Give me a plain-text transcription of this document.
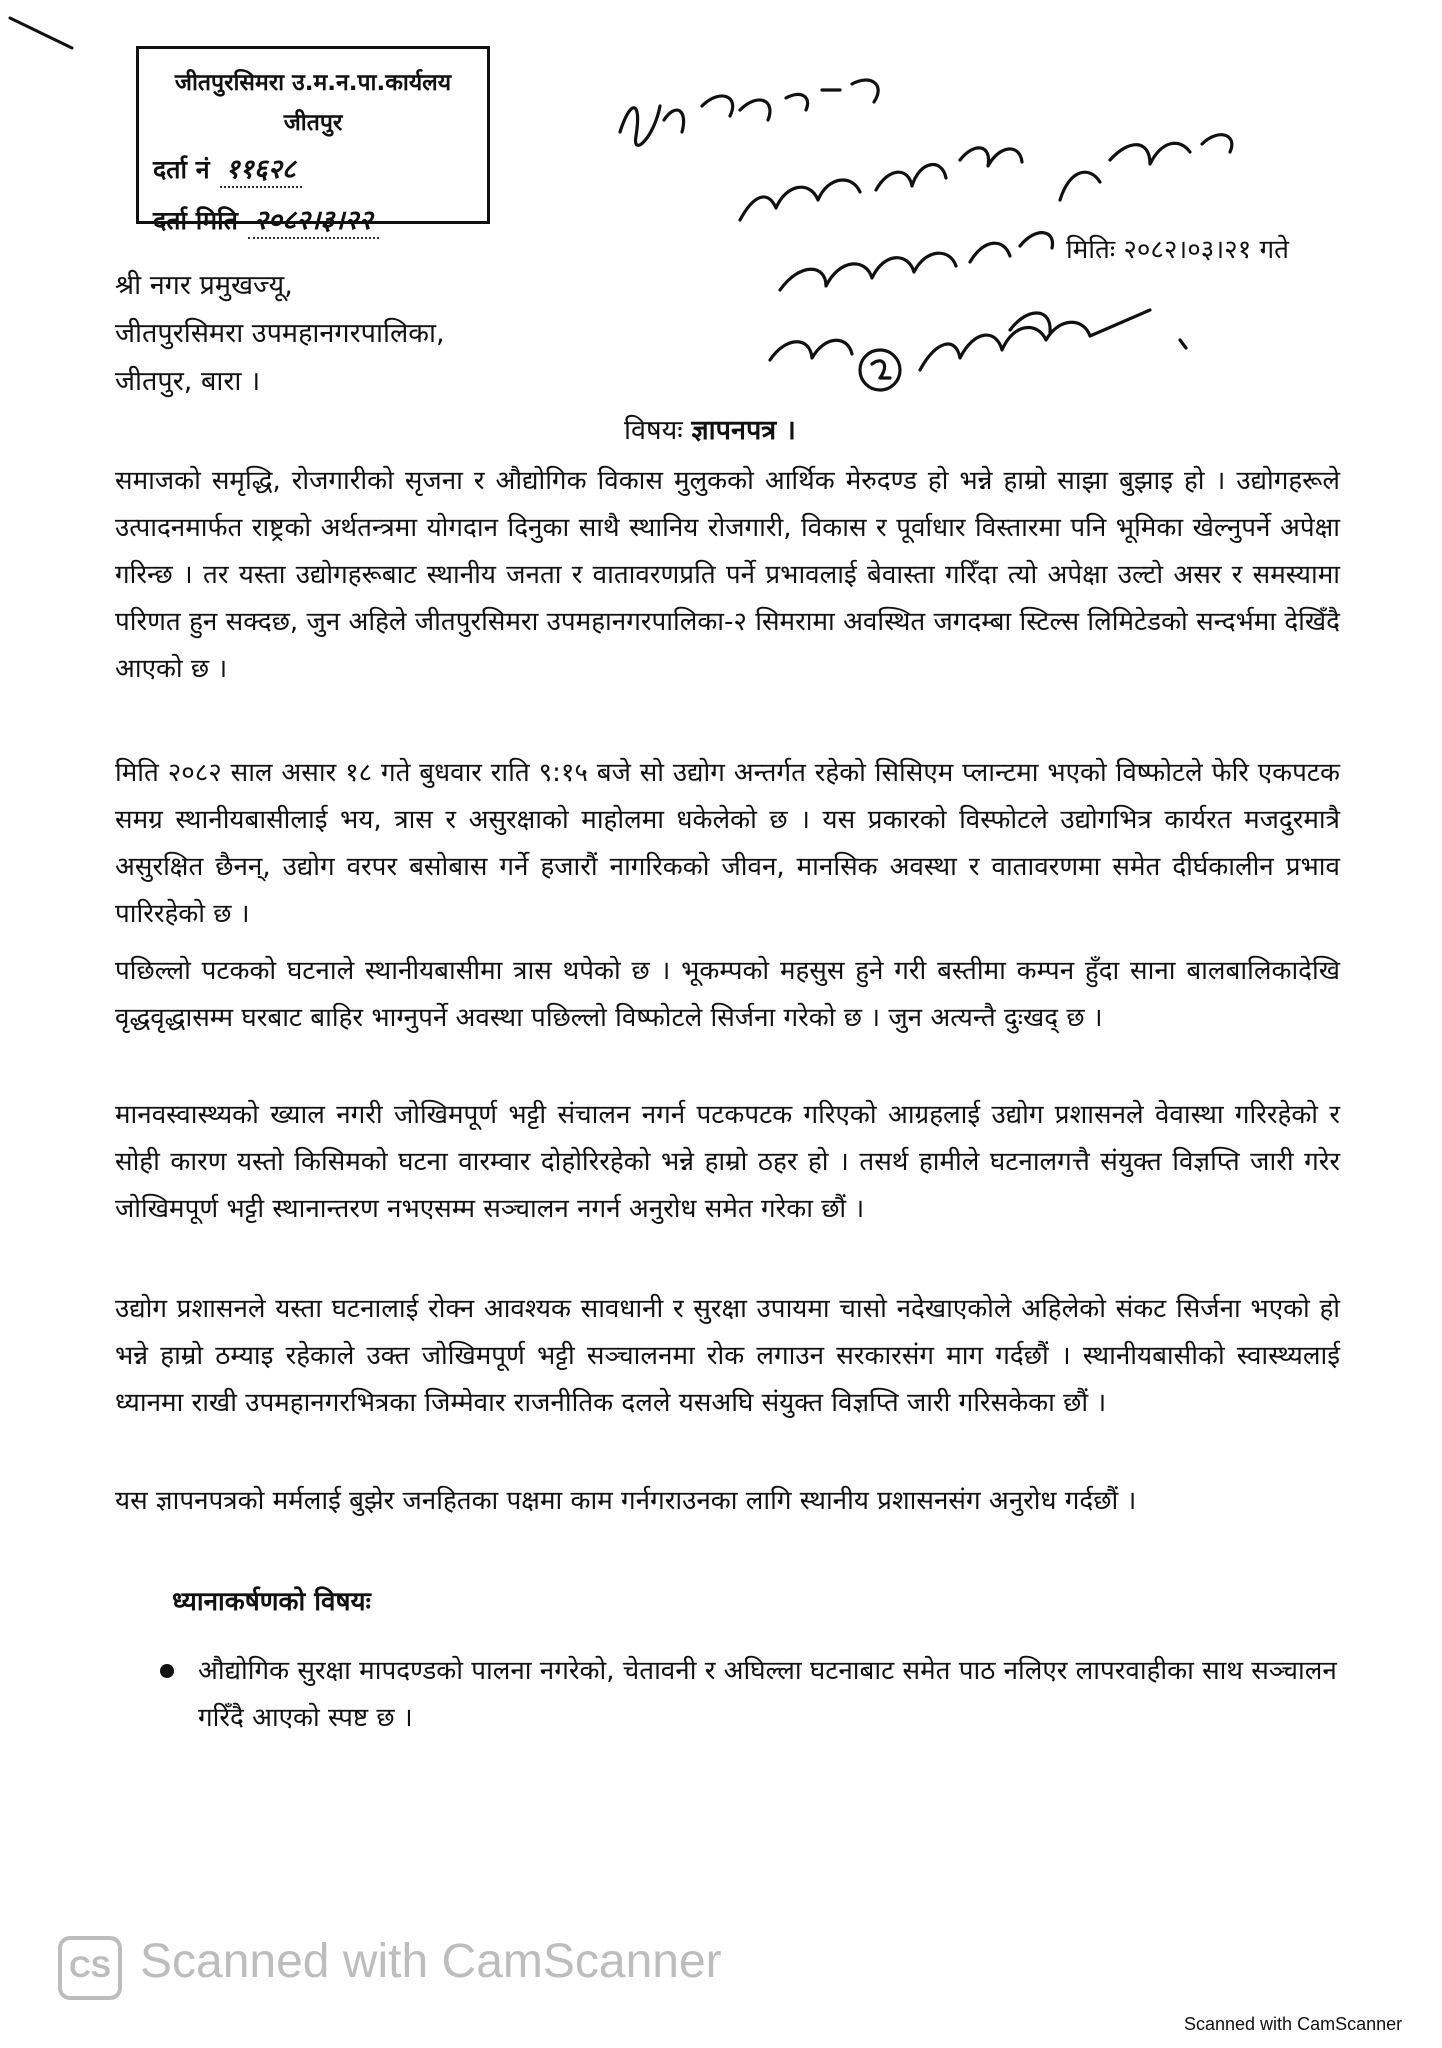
जीतपुरसिमरा उ.म.न.पा.कार्यलय
जीतपुर
दर्ता नं ११६२८
दर्ता मिति २०८२।३।२२
मितिः २०८२।०३।२१ गते
श्री नगर प्रमुखज्यू,
जीतपुरसिमरा उपमहानगरपालिका,
जीतपुर, बारा ।
विषयः ज्ञापनपत्र ।
समाजको समृद्धि, रोजगारीको सृजना र औद्योगिक विकास मुलुकको आर्थिक मेरुदण्ड हो भन्ने हाम्रो साझा बुझाइ हो । उद्योगहरूले उत्पादनमार्फत राष्ट्रको अर्थतन्त्रमा योगदान दिनुका साथै स्थानिय रोजगारी, विकास र पूर्वाधार विस्तारमा पनि भूमिका खेल्नुपर्ने अपेक्षा गरिन्छ । तर यस्ता उद्योगहरूबाट स्थानीय जनता र वातावरणप्रति पर्ने प्रभावलाई बेवास्ता गरिँदा त्यो अपेक्षा उल्टो असर र समस्यामा परिणत हुन सक्दछ, जुन अहिले जीतपुरसिमरा उपमहानगरपालिका-२ सिमरामा अवस्थित जगदम्बा स्टिल्स लिमिटेडको सन्दर्भमा देखिँदै आएको छ ।
मिति २०८२ साल असार १८ गते बुधवार राति ९:१५ बजे सो उद्योग अन्तर्गत रहेको सिसिएम प्लान्टमा भएको विष्फोटले फेरि एकपटक समग्र स्थानीयबासीलाई भय, त्रास र असुरक्षाको माहोलमा धकेलेको छ । यस प्रकारको विस्फोटले उद्योगभित्र कार्यरत मजदुरमात्रै असुरक्षित छैनन्, उद्योग वरपर बसोबास गर्ने हजारौं नागरिकको जीवन, मानसिक अवस्था र वातावरणमा समेत दीर्घकालीन प्रभाव पारिरहेको छ ।
पछिल्लो पटकको घटनाले स्थानीयबासीमा त्रास थपेको छ । भूकम्पको महसुस हुने गरी बस्तीमा कम्पन हुँदा साना बालबालिकादेखि वृद्धवृद्धासम्म घरबाट बाहिर भाग्नुपर्ने अवस्था पछिल्लो विष्फोटले सिर्जना गरेको छ । जुन अत्यन्तै दुःखद् छ ।
मानवस्वास्थ्यको ख्याल नगरी जोखिमपूर्ण भट्टी संचालन नगर्न पटकपटक गरिएको आग्रहलाई उद्योग प्रशासनले वेवास्था गरिरहेको र सोही कारण यस्तो किसिमको घटना वारम्वार दोहोरिरहेको भन्ने हाम्रो ठहर हो । तसर्थ हामीले घटनालगत्तै संयुक्त विज्ञप्ति जारी गरेर जोखिमपूर्ण भट्टी स्थानान्तरण नभएसम्म सञ्चालन नगर्न अनुरोध समेत गरेका छौं ।
उद्योग प्रशासनले यस्ता घटनालाई रोक्न आवश्यक सावधानी र सुरक्षा उपायमा चासो नदेखाएकोले अहिलेको संकट सिर्जना भएको हो भन्ने हाम्रो ठम्याइ रहेकाले उक्त जोखिमपूर्ण भट्टी सञ्चालनमा रोक लगाउन सरकारसंग माग गर्दछौं । स्थानीयबासीको स्वास्थ्यलाई ध्यानमा राखी उपमहानगरभित्रका जिम्मेवार राजनीतिक दलले यसअघि संयुक्त विज्ञप्ति जारी गरिसकेका छौं ।
यस ज्ञापनपत्रको मर्मलाई बुझेर जनहितका पक्षमा काम गर्नगराउनका लागि स्थानीय प्रशासनसंग अनुरोध गर्दछौं ।
ध्यानाकर्षणको विषयः
औद्योगिक सुरक्षा मापदण्डको पालना नगरेको, चेतावनी र अघिल्ला घटनाबाट समेत पाठ नलिएर लापरवाहीका साथ सञ्चालन गरिँदै आएको स्पष्ट छ ।
CS Scanned with CamScanner
Scanned with CamScanner
